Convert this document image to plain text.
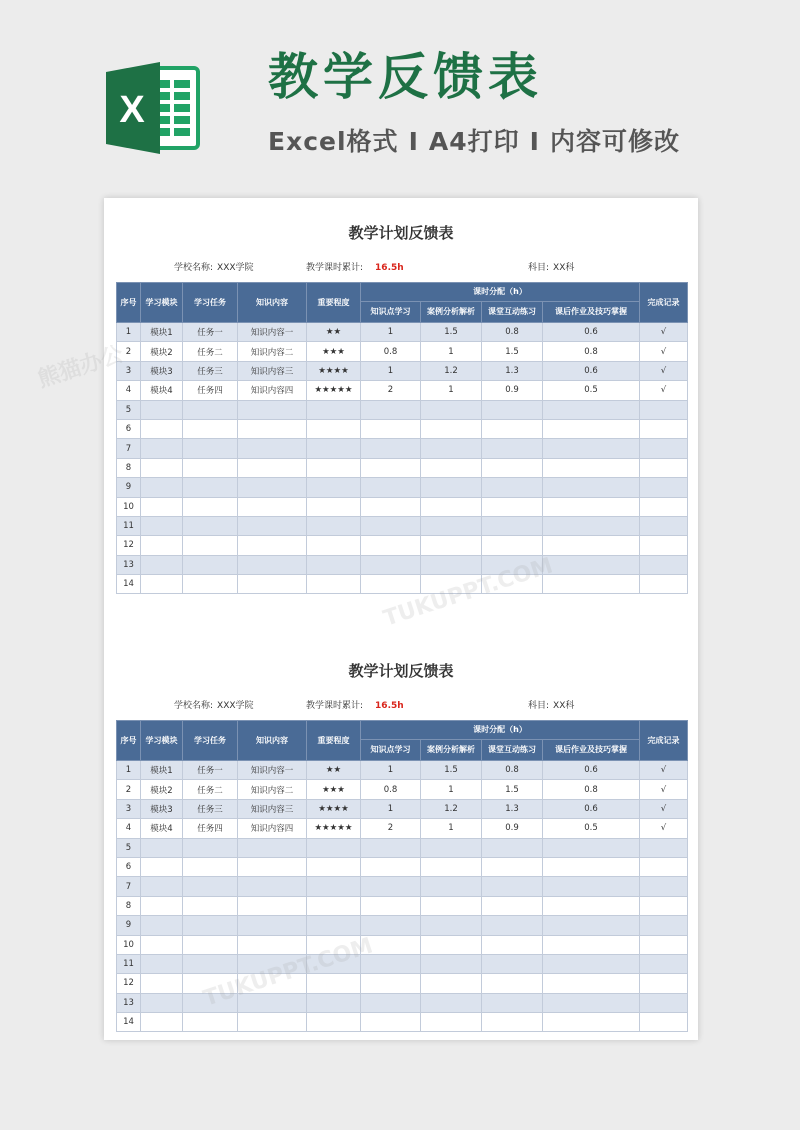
X
教学反馈表
Excel格式 I A4打印 I 内容可修改
教学计划反馈表
学校名称: XXX学院	教学课时累计: 16.5h	科目: XX科
序号	学习模块	学习任务	知识内容	重要程度	课时分配（h）				完成记录
					知识点学习	案例分析解析	课堂互动练习	课后作业及技巧掌握	
1	模块1	任务一	知识内容一	★★	1	1.5	0.8	0.6	√
2	模块2	任务二	知识内容二	★★★	0.8	1	1.5	0.8	√
3	模块3	任务三	知识内容三	★★★★	1	1.2	1.3	0.6	√
4	模块4	任务四	知识内容四	★★★★★	2	1	0.9	0.5	√
5									
6									
7									
8									
9									
10									
11									
12									
13									
14									
教学计划反馈表
学校名称: XXX学院	教学课时累计: 16.5h	科目: XX科
序号	学习模块	学习任务	知识内容	重要程度	课时分配（h）				完成记录
					知识点学习	案例分析解析	课堂互动练习	课后作业及技巧掌握	
1	模块1	任务一	知识内容一	★★	1	1.5	0.8	0.6	√
2	模块2	任务二	知识内容二	★★★	0.8	1	1.5	0.8	√
3	模块3	任务三	知识内容三	★★★★	1	1.2	1.3	0.6	√
4	模块4	任务四	知识内容四	★★★★★	2	1	0.9	0.5	√
5									
6									
7									
8									
9									
10									
11									
12									
13									
14									
熊猫办公
